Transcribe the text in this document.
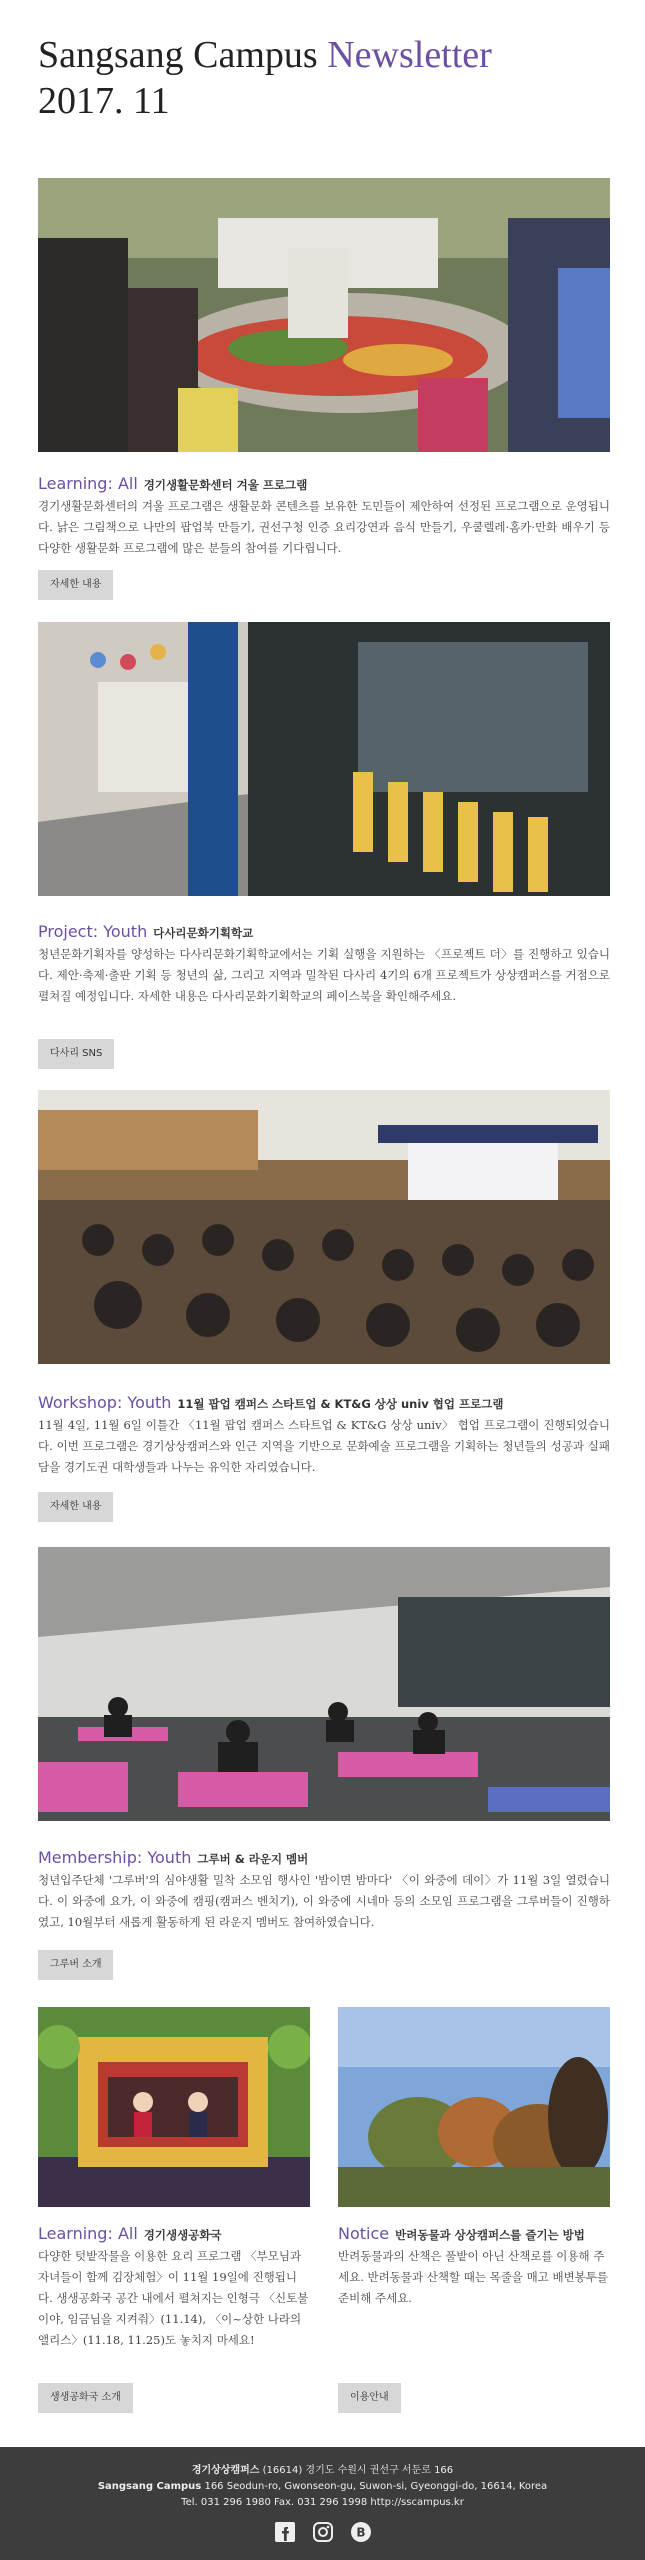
Sangsang Campus Newsletter
2017. 11
Learning: All 경기생활문화센터 겨울 프로그램
경기생활문화센터의 겨울 프로그램은 생활문화 콘텐츠를 보유한 도민들이 제안하여 선정된 프로그램으로 운영됩니다. 낡은 그림책으로 나만의 팝업북 만들기, 권선구청 인증 요리강연과 음식 만들기, 우쿨렐레·홈카·만화 배우기 등 다양한 생활문화 프로그램에 많은 분들의 참여를 기다립니다.
자세한 내용
Project: Youth 다사리문화기획학교
청년문화기획자를 양성하는 다사리문화기획학교에서는 기획 실행을 지원하는 〈프로젝트 더〉를 진행하고 있습니다. 제안·축제·출판 기획 등 청년의 삶, 그리고 지역과 밀착된 다사리 4기의 6개 프로젝트가 상상캠퍼스를 거점으로 펼쳐질 예정입니다. 자세한 내용은 다사리문화기획학교의 페이스북을 확인해주세요.
다사리 SNS
Workshop: Youth 11월 팝업 캠퍼스 스타트업 & KT&G 상상 univ 협업 프로그램
11월 4일, 11월 6일 이틀간 〈11월 팝업 캠퍼스 스타트업 & KT&G 상상 univ〉 협업 프로그램이 진행되었습니다. 이번 프로그램은 경기상상캠퍼스와 인근 지역을 기반으로 문화예술 프로그램을 기획하는 청년들의 성공과 실패담을 경기도권 대학생들과 나누는 유익한 자리였습니다.
자세한 내용
Membership: Youth 그루버 & 라운지 멤버
청년입주단체 '그루버'의 심야생활 밀착 소모임 행사인 '밤이면 밤마다' 〈이 와중에 데이〉가 11월 3일 열렸습니다. 이 와중에 요가, 이 와중에 캠핑(캠퍼스 벤치기), 이 와중에 시네마 등의 소모임 프로그램을 그루버들이 진행하였고, 10월부터 새롭게 활동하게 된 라운지 멤버도 참여하였습니다.
그루버 소개
Learning: All 경기생생공화국
다양한 텃밭작물을 이용한 요리 프로그램 〈부모님과 자녀들이 함께 김장체험〉이 11월 19일에 진행됩니다. 생생공화국 공간 내에서 펼쳐지는 인형극 〈신토불이야, 임금님을 지켜줘〉(11.14), 〈이~상한 나라의 앨리스〉(11.18, 11.25)도 놓치지 마세요!
생생공화국 소개
Notice 반려동물과 상상캠퍼스를 즐기는 방법
반려동물과의 산책은 풀밭이 아닌 산책로를 이용해 주세요. 반려동물과 산책할 때는 목줄을 매고 배변봉투를 준비해 주세요.
이용안내
경기상상캠퍼스 (16614) 경기도 수원시 권선구 서둔로 166
Sangsang Campus 166 Seodun-ro, Gwonseon-gu, Suwon-si, Gyeonggi-do, 16614, Korea
Tel. 031 296 1980 Fax. 031 296 1998 http://sscampus.kr
B
